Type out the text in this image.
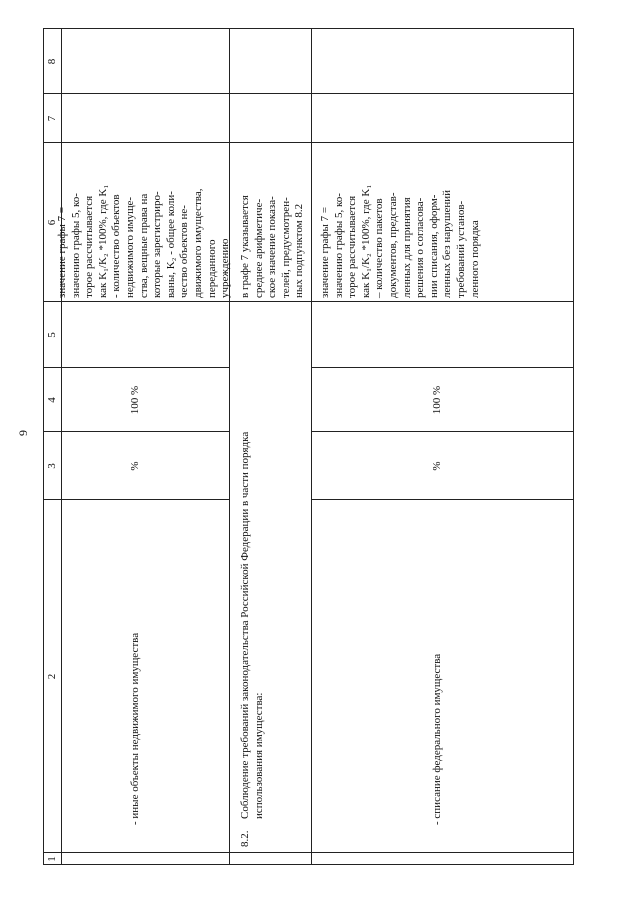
9
1
2
3
4
5
6
7
8
- иные объекты недвижимого имущества
%
100 %
значение графы 7 =
значению графы 5, ко-
торое рассчитывается
как K₁/K₂ *100%, где K₁
- количество объектов
недвижимого имуще-
ства, вещные права на
которые зарегистриро-
ваны, K₂ - общее коли-
чество объектов не-
движимого имущества,
переданного
учреждению
8.2.
Соблюдение требований законодательства Российской Федерации в части порядка
использования имущества:
в графе 7 указывается
среднее арифметиче-
ское значение показа-
телей, предусмотрен-
ных подпунктом 8.2
- списание федерального имущества
%
100 %
значение графы 7 =
значению графы 5, ко-
торое рассчитывается
как K₁/K₂ *100%, где K₁
– количество пакетов
документов, представ-
ленных для принятия
решения о согласова-
нии списания, оформ-
ленных без нарушений
требований установ-
ленного порядка
